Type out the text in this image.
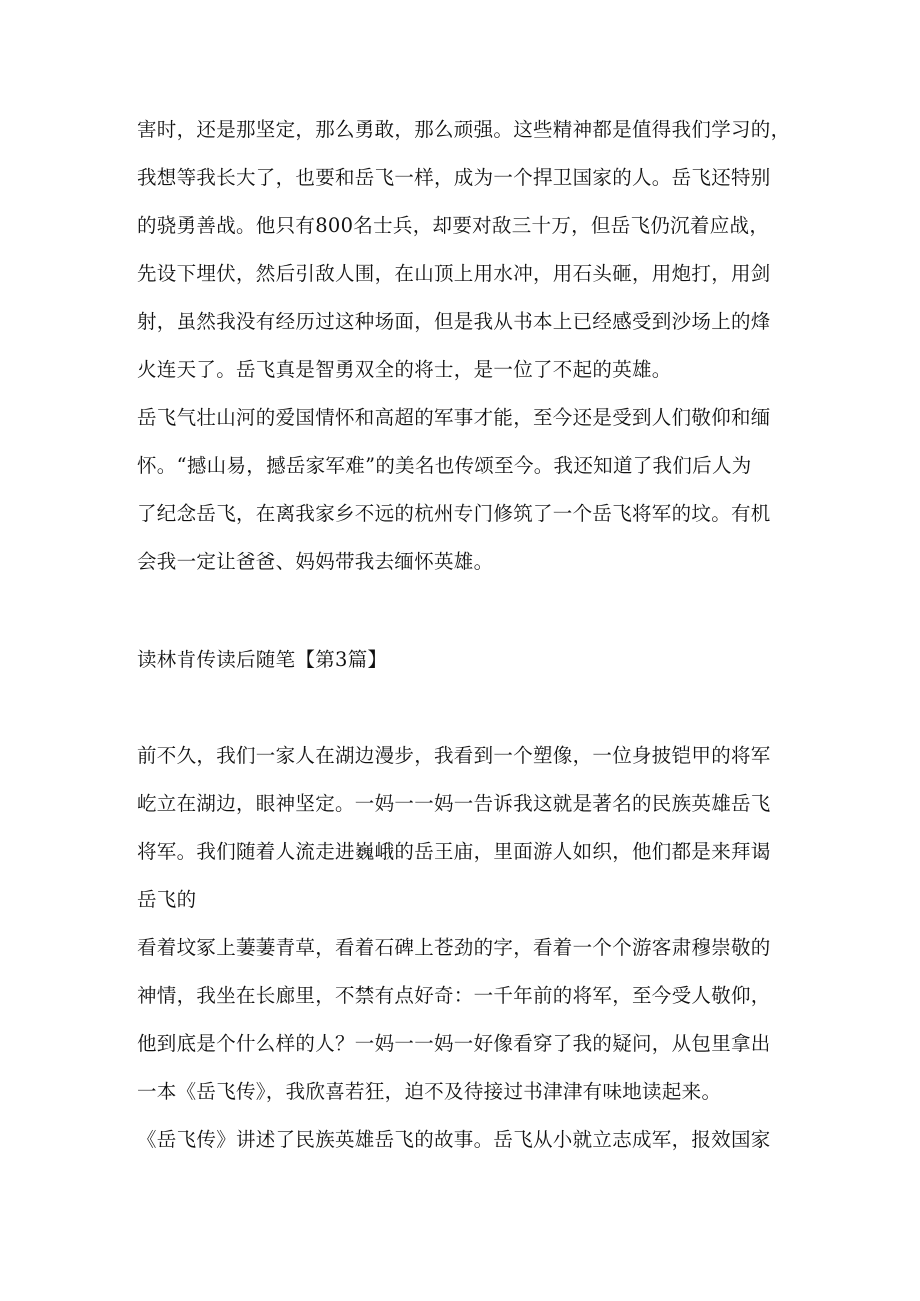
害时，还是那坚定，那么勇敢，那么顽强。这些精神都是值得我们学习的，
我想等我长大了，也要和岳飞一样，成为一个捍卫国家的人。岳飞还特别
的骁勇善战。他只有800名士兵，却要对敌三十万，但岳飞仍沉着应战，
先设下埋伏，然后引敌人围，在山顶上用水冲，用石头砸，用炮打，用剑
射，虽然我没有经历过这种场面，但是我从书本上已经感受到沙场上的烽
火连天了。岳飞真是智勇双全的将士，是一位了不起的英雄。
岳飞气壮山河的爱国情怀和高超的军事才能，至今还是受到人们敬仰和缅
怀。“撼山易，撼岳家军难”的美名也传颂至今。我还知道了我们后人为
了纪念岳飞，在离我家乡不远的杭州专门修筑了一个岳飞将军的坟。有机
会我一定让爸爸、妈妈带我去缅怀英雄。
读林肯传读后随笔【第3篇】
前不久，我们一家人在湖边漫步，我看到一个塑像，一位身披铠甲的将军
屹立在湖边，眼神坚定。一妈一一妈一告诉我这就是著名的民族英雄岳飞
将军。我们随着人流走进巍峨的岳王庙，里面游人如织，他们都是来拜谒
岳飞的
看着坟冢上萋萋青草，看着石碑上苍劲的字，看着一个个游客肃穆崇敬的
神情，我坐在长廊里，不禁有点好奇：一千年前的将军，至今受人敬仰，
他到底是个什么样的人？一妈一一妈一好像看穿了我的疑问，从包里拿出
一本《岳飞传》，我欣喜若狂，迫不及待接过书津津有味地读起来。
《岳飞传》讲述了民族英雄岳飞的故事。岳飞从小就立志成军，报效国家
